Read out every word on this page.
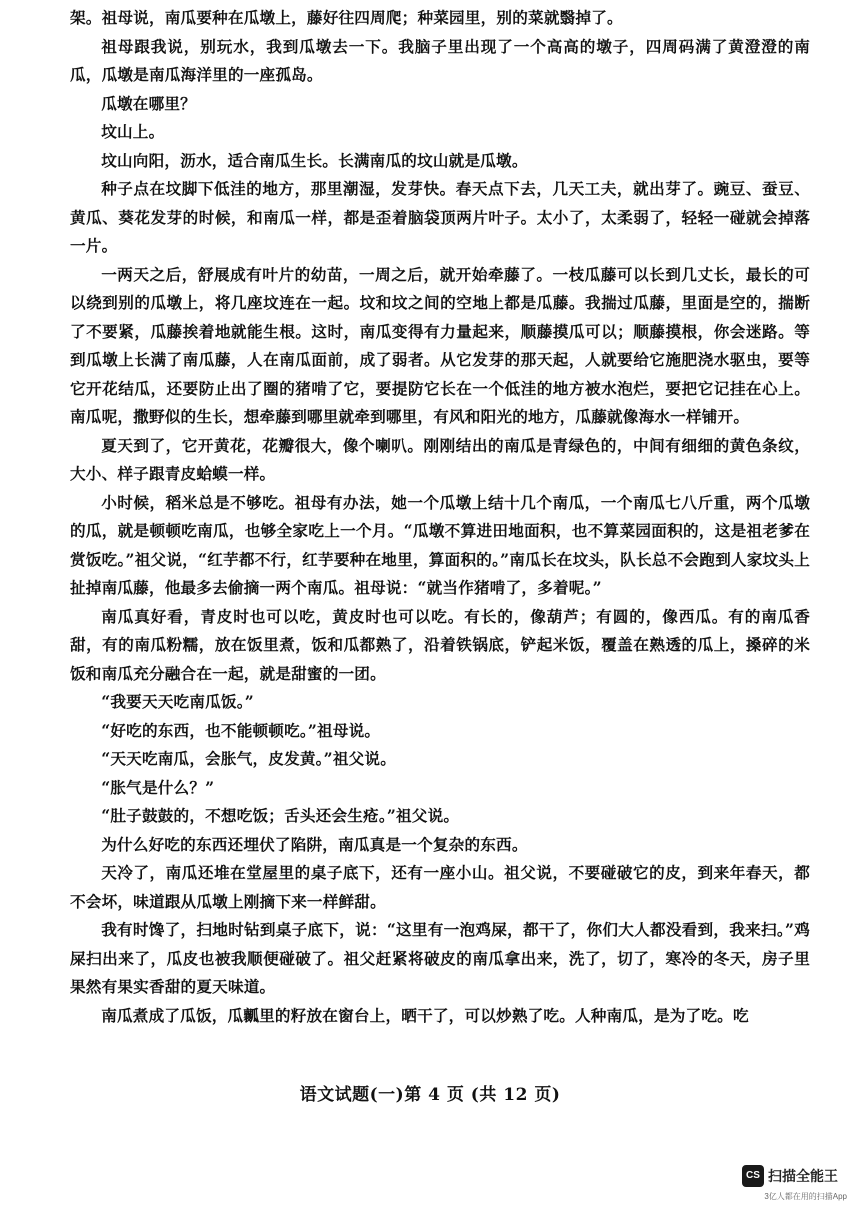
架。祖母说，南瓜要种在瓜墩上，藤好往四周爬；种菜园里，别的菜就翳掉了。

祖母跟我说，别玩水，我到瓜墩去一下。我脑子里出现了一个高高的墩子，四周码满了黄澄澄的南瓜，瓜墩是南瓜海洋里的一座孤岛。

瓜墩在哪里？

坟山上。

坟山向阳，沥水，适合南瓜生长。长满南瓜的坟山就是瓜墩。

种子点在坟脚下低洼的地方，那里潮湿，发芽快。春天点下去，几天工夫，就出芽了。豌豆、蚕豆、黄瓜、葵花发芽的时候，和南瓜一样，都是歪着脑袋顶两片叶子。太小了，太柔弱了，轻轻一碰就会掉落一片。

一两天之后，舒展成有叶片的幼苗，一周之后，就开始牵藤了。一枝瓜藤可以长到几丈长，最长的可以绕到别的瓜墩上，将几座坟连在一起。坟和坟之间的空地上都是瓜藤。我揣过瓜藤，里面是空的，揣断了不要紧，瓜藤挨着地就能生根。这时，南瓜变得有力量起来，顺藤摸瓜可以；顺藤摸根，你会迷路。等到瓜墩上长满了南瓜藤，人在南瓜面前，成了弱者。从它发芽的那天起，人就要给它施肥浇水驱虫，要等它开花结瓜，还要防止出了圈的猪啃了它，要提防它长在一个低洼的地方被水泡烂，要把它记挂在心上。南瓜呢，撒野似的生长，想牵藤到哪里就牵到哪里，有风和阳光的地方，瓜藤就像海水一样铺开。

夏天到了，它开黄花，花瓣很大，像个喇叭。刚刚结出的南瓜是青绿色的，中间有细细的黄色条纹，大小、样子跟青皮蛤蟆一样。

小时候，稻米总是不够吃。祖母有办法，她一个瓜墩上结十几个南瓜，一个南瓜七八斤重，两个瓜墩的瓜，就是顿顿吃南瓜，也够全家吃上一个月。“瓜墩不算进田地面积，也不算菜园面积的，这是祖老爹在赏饭吃。”祖父说，“红芋都不行，红芋要种在地里，算面积的。”南瓜长在坟头，队长总不会跑到人家坟头上扯掉南瓜藤，他最多去偷摘一两个南瓜。祖母说：“就当作猪啃了，多着呢。”

南瓜真好看，青皮时也可以吃，黄皮时也可以吃。有长的，像葫芦；有圆的，像西瓜。有的南瓜香甜，有的南瓜粉糯，放在饭里煮，饭和瓜都熟了，沿着铁锅底，铲起米饭，覆盖在熟透的瓜上，搡碎的米饭和南瓜充分融合在一起，就是甜蜜的一团。

“我要天天吃南瓜饭。”

“好吃的东西，也不能顿顿吃。”祖母说。

“天天吃南瓜，会胀气，皮发黄。”祖父说。

“胀气是什么？”

“肚子鼓鼓的，不想吃饭；舌头还会生疮。”祖父说。

为什么好吃的东西还埋伏了陷阱，南瓜真是一个复杂的东西。

天冷了，南瓜还堆在堂屋里的桌子底下，还有一座小山。祖父说，不要碰破它的皮，到来年春天，都不会坏，味道跟从瓜墩上刚摘下来一样鲜甜。

我有时馋了，扫地时钻到桌子底下，说：“这里有一泡鸡屎，都干了，你们大人都没看到，我来扫。”鸡屎扫出来了，瓜皮也被我顺便碰破了。祖父赶紧将破皮的南瓜拿出来，洗了，切了，寒冷的冬天，房子里果然有果实香甜的夏天味道。

南瓜煮成了瓜饭，瓜瓤里的籽放在窗台上，晒干了，可以炒熟了吃。人种南瓜，是为了吃。吃

语文试题(一)第 4 页 (共 12 页)
CS 扫描全能王
3亿人都在用的扫描App
